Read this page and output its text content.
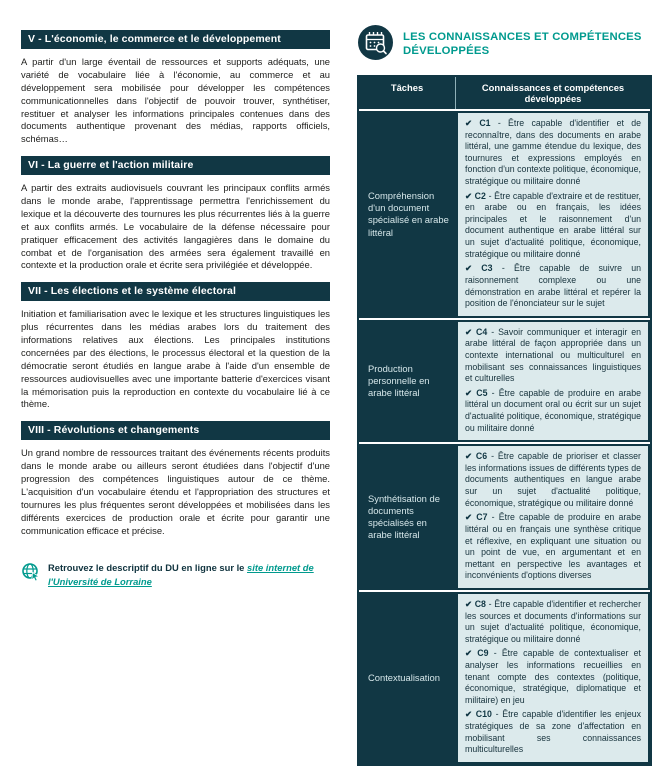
V - L'économie, le commerce et le développement

A partir d'un large éventail de ressources et supports adéquats, une variété de vocabulaire liée à l'économie, au commerce et au développement sera mobilisée pour développer les compétences communicationnelles dans l'objectif de pouvoir trouver, synthétiser, restituer et analyser les informations principales contenues dans des documents authentique provenant des médias, rapports officiels, schémas…

VI - La guerre et l'action militaire

A partir des extraits audiovisuels couvrant les principaux conflits armés dans le monde arabe, l'apprentissage permettra l'enrichissement du lexique et la découverte des tournures les plus récurrentes liés à la guerre et aux conflits armés. Le vocabulaire de la défense nécessaire pour pratiquer efficacement des activités langagières dans le domaine du combat et de l'organisation des armées sera également travaillé en contexte et la production orale et écrite sera privilégiée et développée.

VII - Les élections et le système électoral

Initiation et familiarisation avec le lexique et les structures linguistiques les plus récurrentes dans les médias arabes lors du traitement des informations relatives aux élections. Les principales institutions concernées par des élections, le processus électoral et la question de la démocratie seront étudiés en langue arabe à l'aide d'un ensemble de ressources audiovisuelles avec une importante batterie d'exercices visant la mémorisation puis la reproduction en contexte du vocabulaire lié à ce thème.

VIII - Révolutions et changements

Un grand nombre de ressources traitant des événements récents produits dans le monde arabe ou ailleurs seront étudiées dans l'objectif d'une progression des compétences linguistiques autour de ce thème. L'acquisition d'un vocabulaire étendu et l'appropriation des structures et tournures les plus fréquentes seront développées et mobilisées dans les différents exercices de production orale et écrite pour garantir une communication efficace et précise.

Retrouvez le descriptif du DU en ligne sur le site internet de l'Université de Lorraine
LES CONNAISSANCES ET COMPÉTENCES DÉVELOPPÉES
Tâches	Connaissances et compétences développées
Compréhension d'un document spécialisé en arabe littéral

✔ C1 - Être capable d'identifier et de reconnaître, dans des documents en arabe littéral, une gamme étendue du lexique, des tournures et expressions employés en fonction d'un contexte politique, économique, stratégique ou militaire donné

✔ C2 - Être capable d'extraire et de restituer, en arabe ou en français, les idées principales et le raisonnement d'un document authentique en arabe littéral sur un sujet d'actualité politique, économique, stratégique ou militaire donné

✔ C3 - Être capable de suivre un raisonnement complexe ou une démonstration en arabe littéral et repérer la position de l'énonciateur sur le sujet

Production personnelle en arabe littéral

✔ C4 - Savoir communiquer et interagir en arabe littéral de façon appropriée dans un contexte international ou multiculturel en mobilisant ses connaissances linguistiques et culturelles

✔ C5 - Être capable de produire en arabe littéral un document oral ou écrit sur un sujet d'actualité politique, économique, stratégique ou militaire donné

Synthétisation de documents spécialisés en arabe littéral

✔ C6 - Être capable de prioriser et classer les informations issues de différents types de documents authentiques en langue arabe sur un sujet d'actualité politique, économique, stratégique ou militaire donné

✔ C7 - Être capable de produire en arabe littéral ou en français une synthèse critique et réflexive, en expliquant une situation ou un point de vue, en argumentant et en mettant en perspective les avantages et inconvénients d'options diverses

Contextualisation

✔ C8 - Être capable d'identifier et rechercher les sources et documents d'informations sur un sujet d'actualité politique, économique, stratégique ou militaire donné

✔ C9 - Être capable de contextualiser et analyser les informations recueillies en tenant compte des contextes (politique, économique, stratégique, diplomatique et militaire) en jeu

✔ C10 - Être capable d'identifier les enjeux stratégiques de sa zone d'affectation en mobilisant ses connaissances multiculturelles
